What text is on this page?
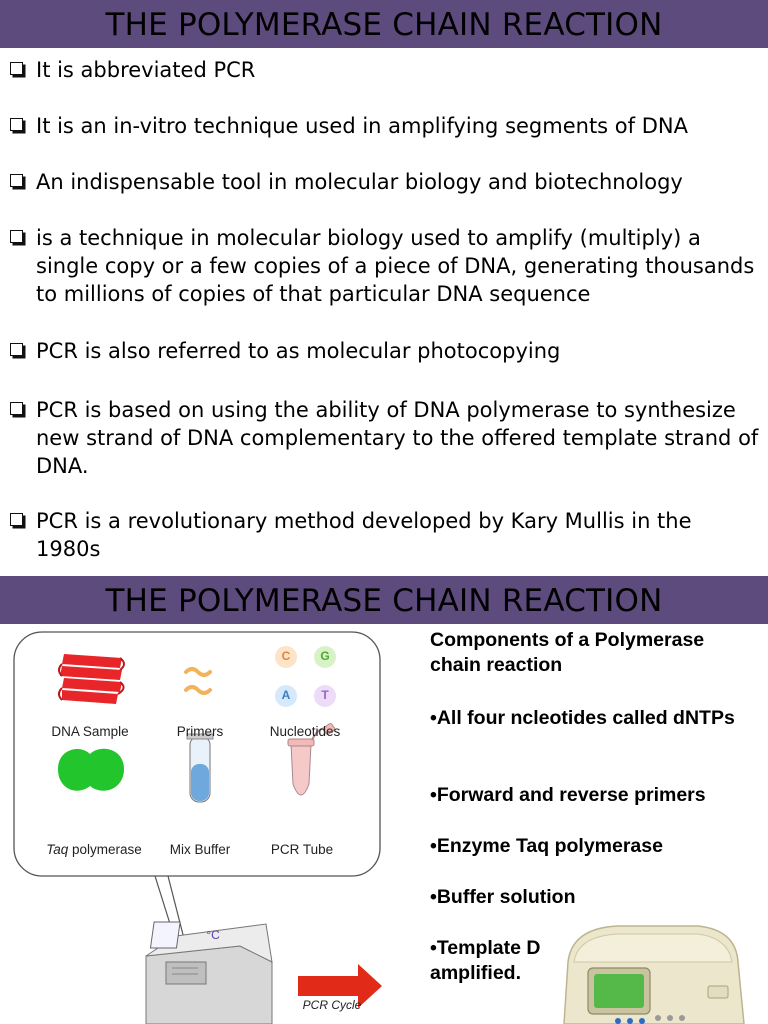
THE POLYMERASE CHAIN REACTION
It is abbreviated PCR
It is an in-vitro technique used in amplifying segments of DNA
An indispensable tool in molecular biology and biotechnology
is a technique in molecular biology used to amplify (multiply) a single copy or a few copies of a piece of DNA, generating thousands to millions of copies of that particular DNA sequence
PCR is also referred to as molecular photocopying
PCR is based on using the ability of DNA polymerase to synthesize new strand of DNA complementary to the offered template strand of DNA.
PCR is a revolutionary method developed by Kary Mullis in the 1980s
THE POLYMERASE CHAIN REACTION
C	G
A	T
DNA Sample	Primers	Nucleotides
Taq polymerase	Mix Buffer	PCR Tube
°C
PCR Cycle
Components of a Polymerase chain reaction
•All four ncleotides called dNTPs
•Forward and reverse primers
•Enzyme Taq polymerase
•Buffer solution
•Template D
amplified.
